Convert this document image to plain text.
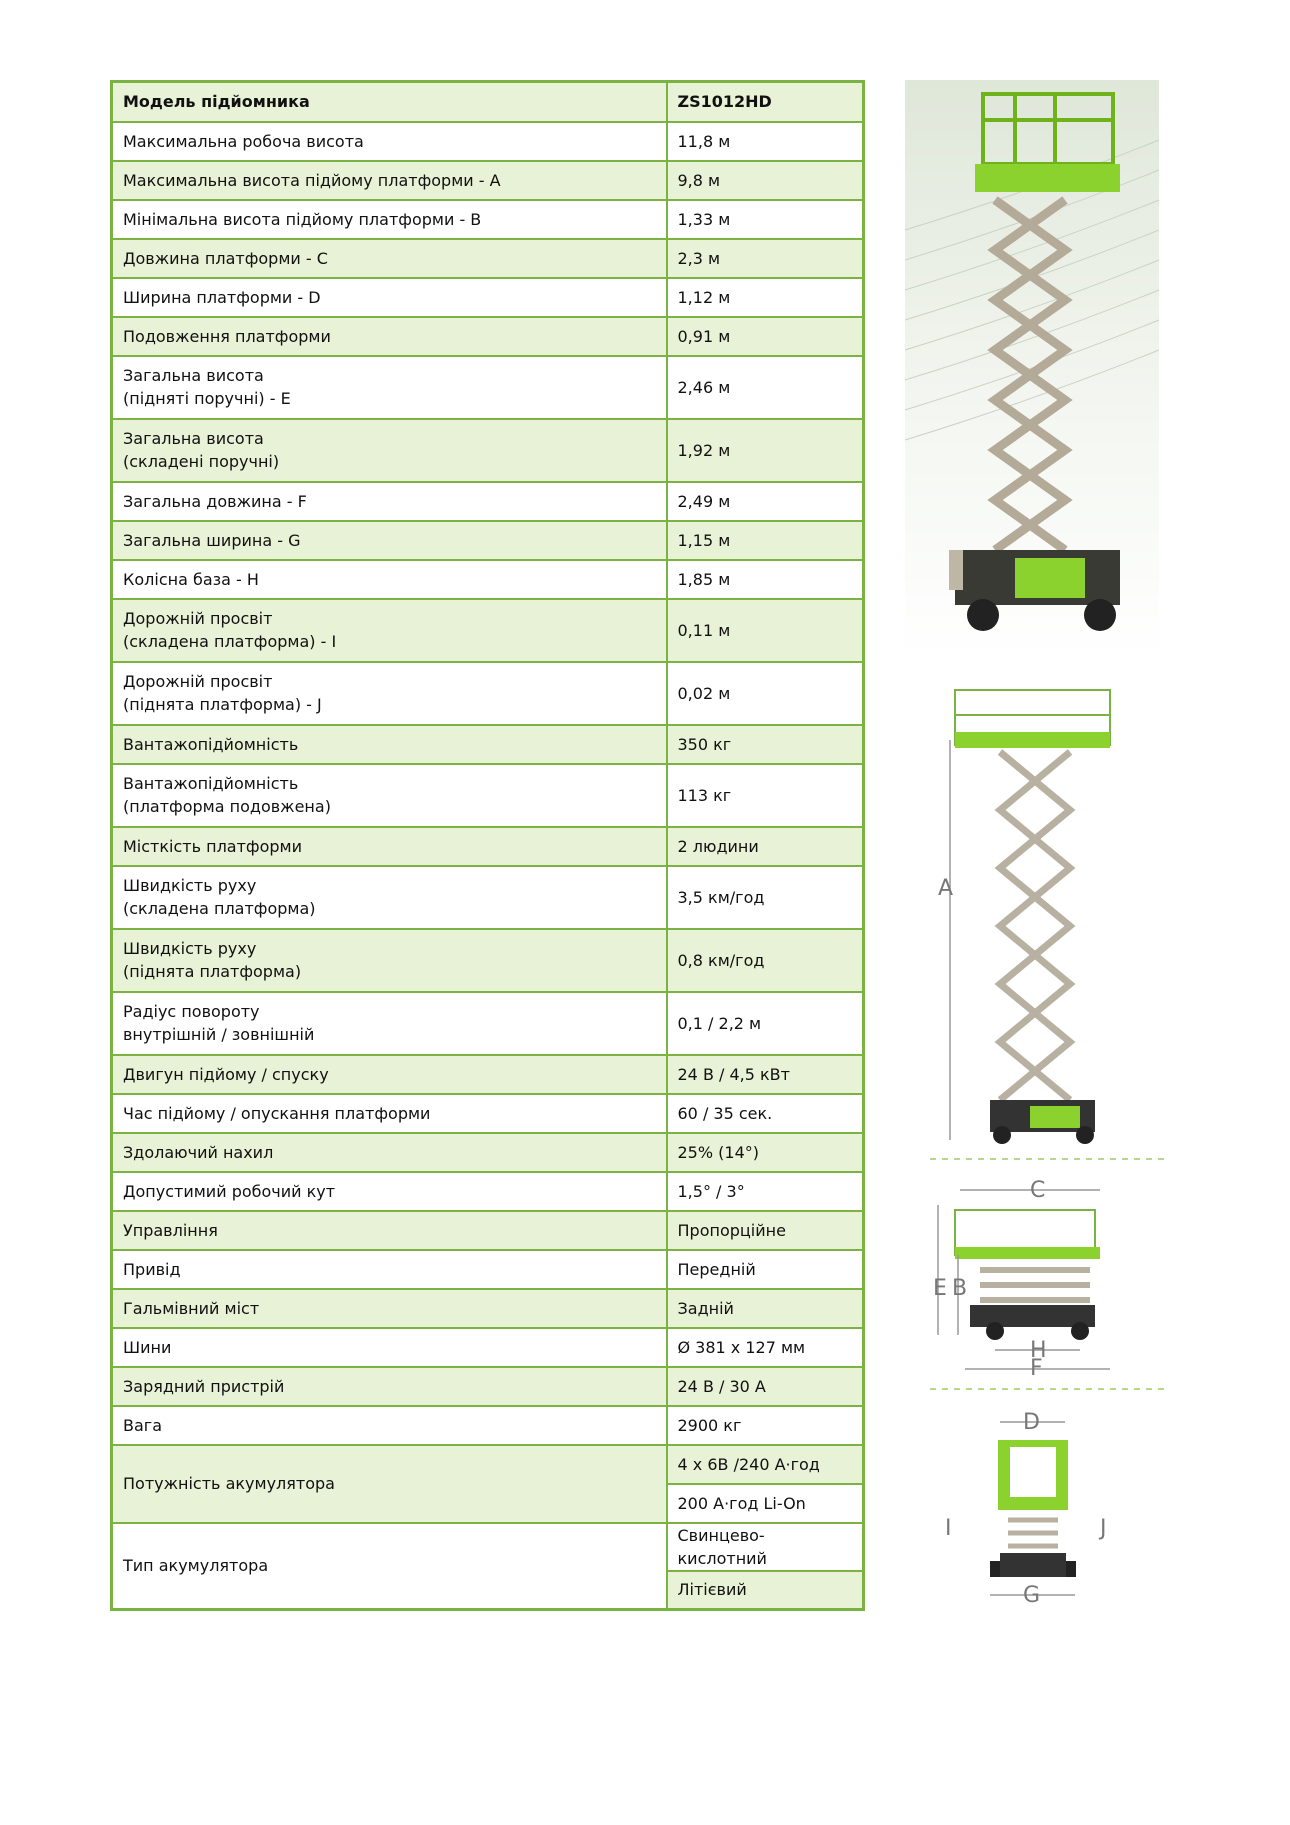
Модель підйомника	ZS1012HD

Максимальна робоча висота	11,8 м

Максимальна висота підйому платформи - A	9,8 м

Мінімальна висота підйому платформи - B	1,33 м

Довжина платформи - C	2,3 м

Ширина платформи - D	1,12 м

Подовження платформи	0,91 м

Загальна висота
(підняті поручні) - E	2,46 м

Загальна висота
(складені поручні)	1,92 м

Загальна довжина - F	2,49 м

Загальна ширина - G	1,15 м

Колісна база - H	1,85 м

Дорожній просвіт
(складена платформа) - I	0,11 м

Дорожній просвіт
(піднята платформа) - J	0,02 м

Вантажопідйомність	350 кг

Вантажопідйомність
(платформа подовжена)	113 кг

Місткість платформи	2 людини

Швидкість руху
(складена платформа)	3,5 км/год

Швидкість руху
(піднята платформа)	0,8 км/год

Радіус повороту
внутрішній / зовнішній	0,1 / 2,2 м

Двигун підйому / спуску	24 В / 4,5 кВт

Час підйому / опускання платформи	60 / 35 сек.

Здолаючий нахил	25% (14°)

Допустимий робочий кут	1,5° / 3°

Управління	Пропорційне

Привід	Передній

Гальмівний міст	Задній

Шини	Ø 381 x 127 мм

Зарядний пристрій	24 В / 30 А

Вага	2900 кг
Потужність акумулятора	4 x 6В /240 А·год
	200 А·год Li-On
Тип акумулятора	Свинцево-кислотний
	Літієвий
A
C
E B
H
F
D
I	J
G
